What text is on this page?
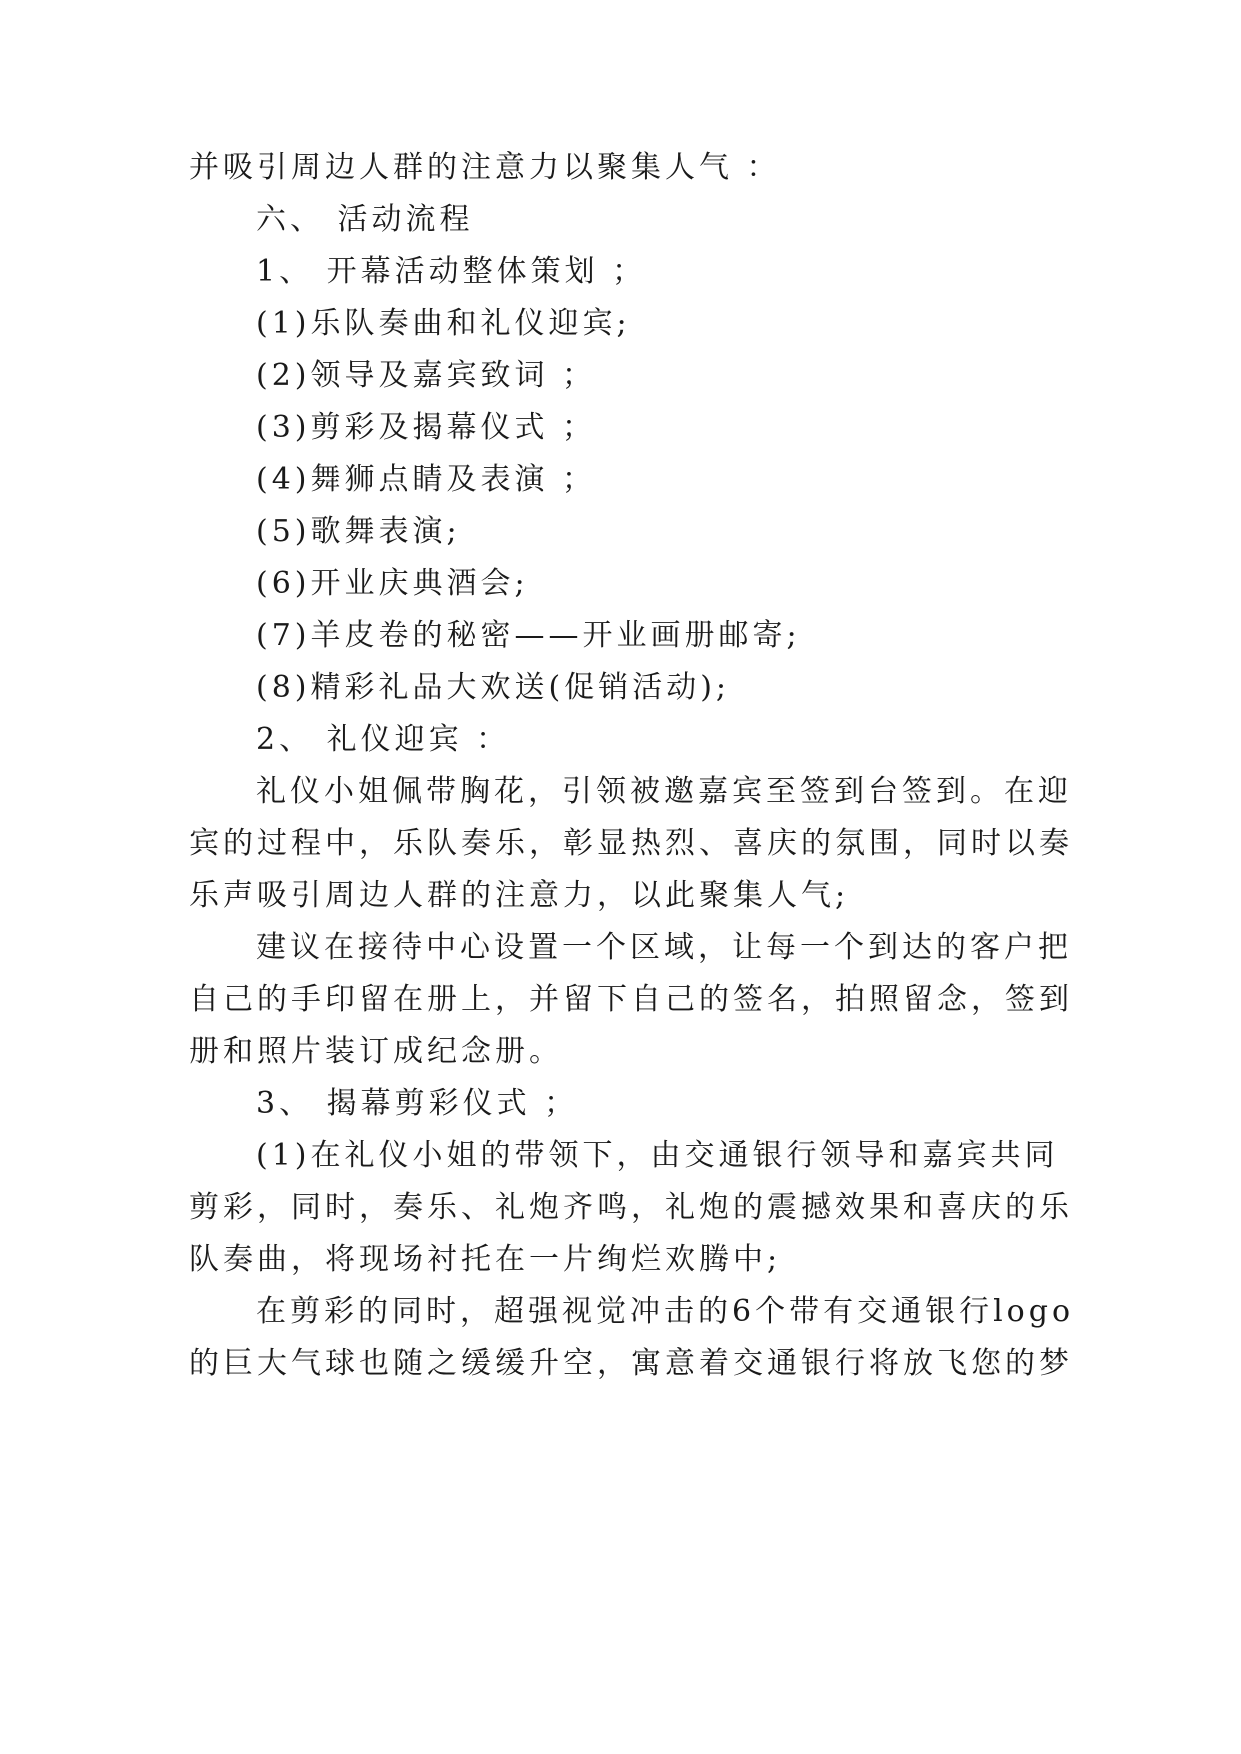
并吸引周边人群的注意力以聚集人气 ：
六、 活动流程
1、 开幕活动整体策划 ；
(1)乐队奏曲和礼仪迎宾;
(2)领导及嘉宾致词 ；
(3)剪彩及揭幕仪式 ；
(4)舞狮点睛及表演 ；
(5)歌舞表演;
(6)开业庆典酒会;
(7)羊皮卷的秘密——开业画册邮寄;
(8)精彩礼品大欢送(促销活动);
2、 礼仪迎宾 ：
礼仪小姐佩带胸花，引领被邀嘉宾至签到台签到。在迎
宾的过程中，乐队奏乐，彰显热烈、喜庆的氛围，同时以奏
乐声吸引周边人群的注意力，以此聚集人气;
建议在接待中心设置一个区域，让每一个到达的客户把
自己的手印留在册上，并留下自己的签名，拍照留念，签到
册和照片装订成纪念册。
3、 揭幕剪彩仪式 ；
(1)在礼仪小姐的带领下，由交通银行领导和嘉宾共同
剪彩，同时，奏乐、礼炮齐鸣，礼炮的震撼效果和喜庆的乐
队奏曲，将现场衬托在一片绚烂欢腾中;
在剪彩的同时，超强视觉冲击的6个带有交通银行logo
的巨大气球也随之缓缓升空，寓意着交通银行将放飞您的梦
